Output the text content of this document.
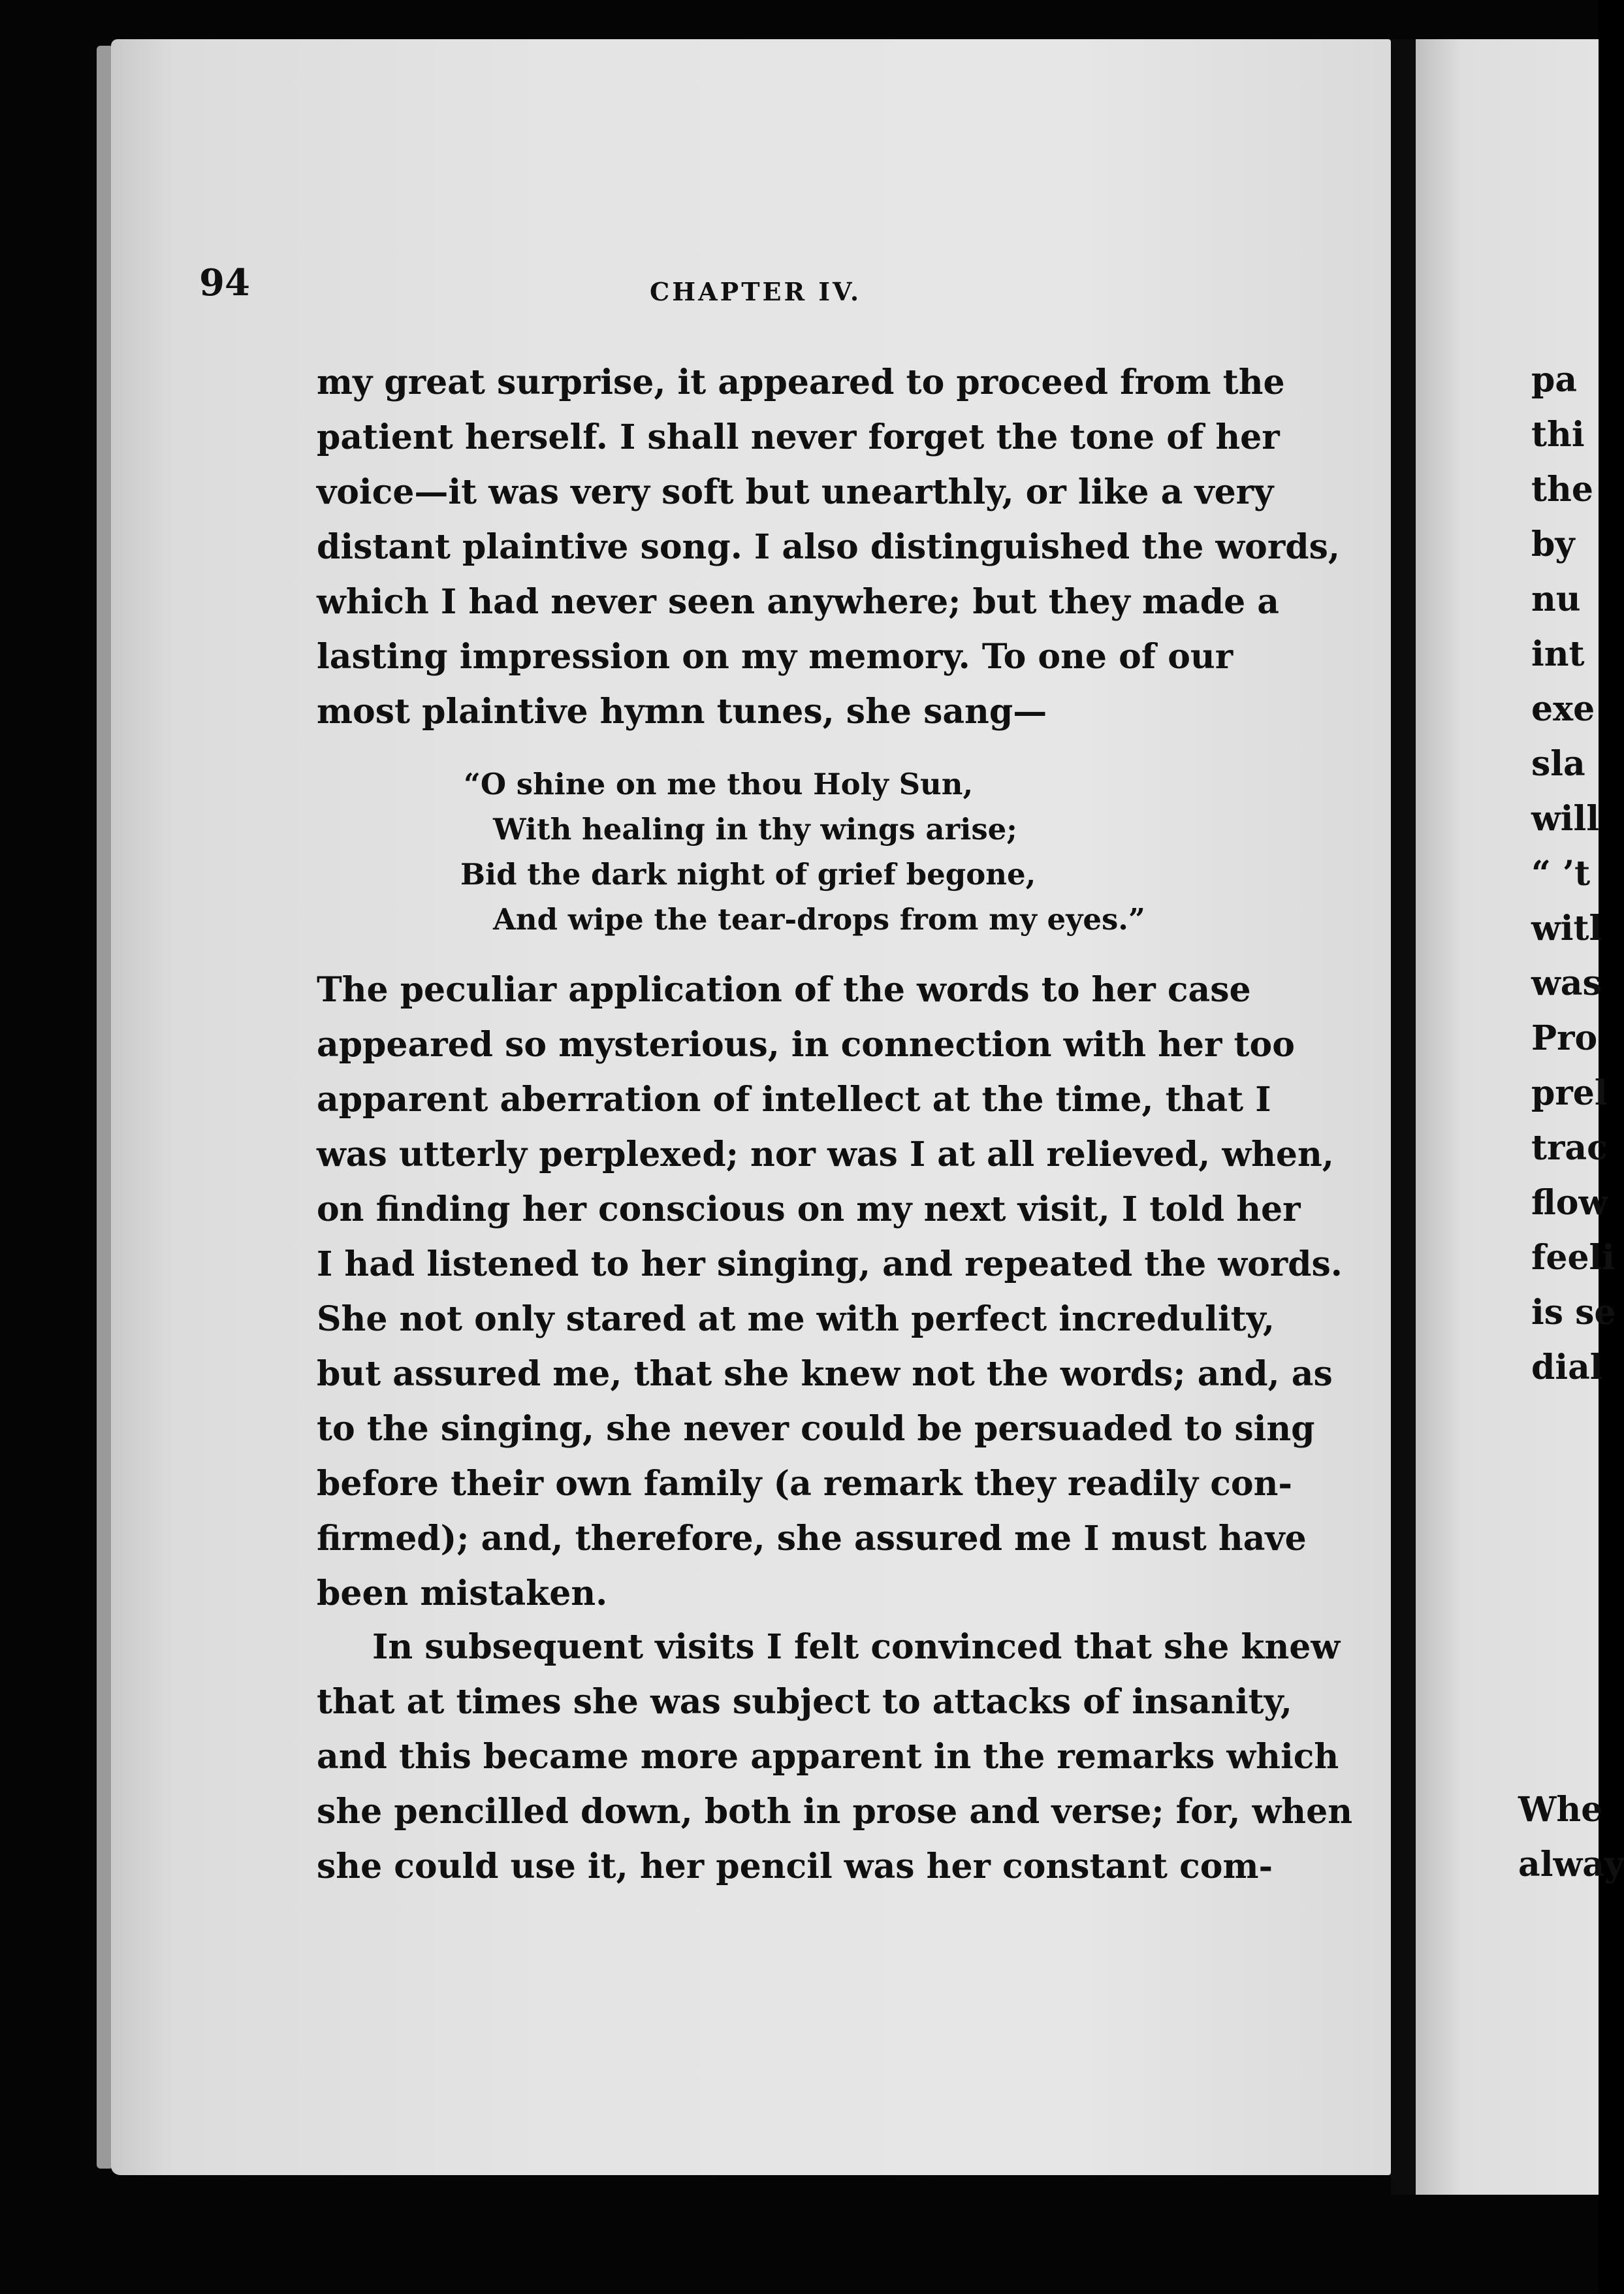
94	CHAPTER IV.
my great surprise, it appeared to proceed from the
patient herself. I shall never forget the tone of her
voice—it was very soft but unearthly, or like a very
distant plaintive song. I also distinguished the words,
which I had never seen anywhere; but they made a
lasting impression on my memory. To one of our
most plaintive hymn tunes, she sang—
“O shine on me thou Holy Sun,
With healing in thy wings arise;
Bid the dark night of grief begone,
And wipe the tear-drops from my eyes.”
The peculiar application of the words to her case
appeared so mysterious, in connection with her too
apparent aberration of intellect at the time, that I
was utterly perplexed; nor was I at all relieved, when,
on finding her conscious on my next visit, I told her
I had listened to her singing, and repeated the words.
She not only stared at me with perfect incredulity,
but assured me, that she knew not the words; and, as
to the singing, she never could be persuaded to sing
before their own family (a remark they readily con-
firmed); and, therefore, she assured me I must have
been mistaken.
In subsequent visits I felt convinced that she knew
that at times she was subject to attacks of insanity,
and this became more apparent in the remarks which
she pencilled down, both in prose and verse; for, when
she could use it, her pencil was her constant com-
pa
thi
the
by
nu
int
exe
sla
will
“ ’t
witl
was
Pro
prel
trac
flow
feeli
is se
dial
Whe
alway
